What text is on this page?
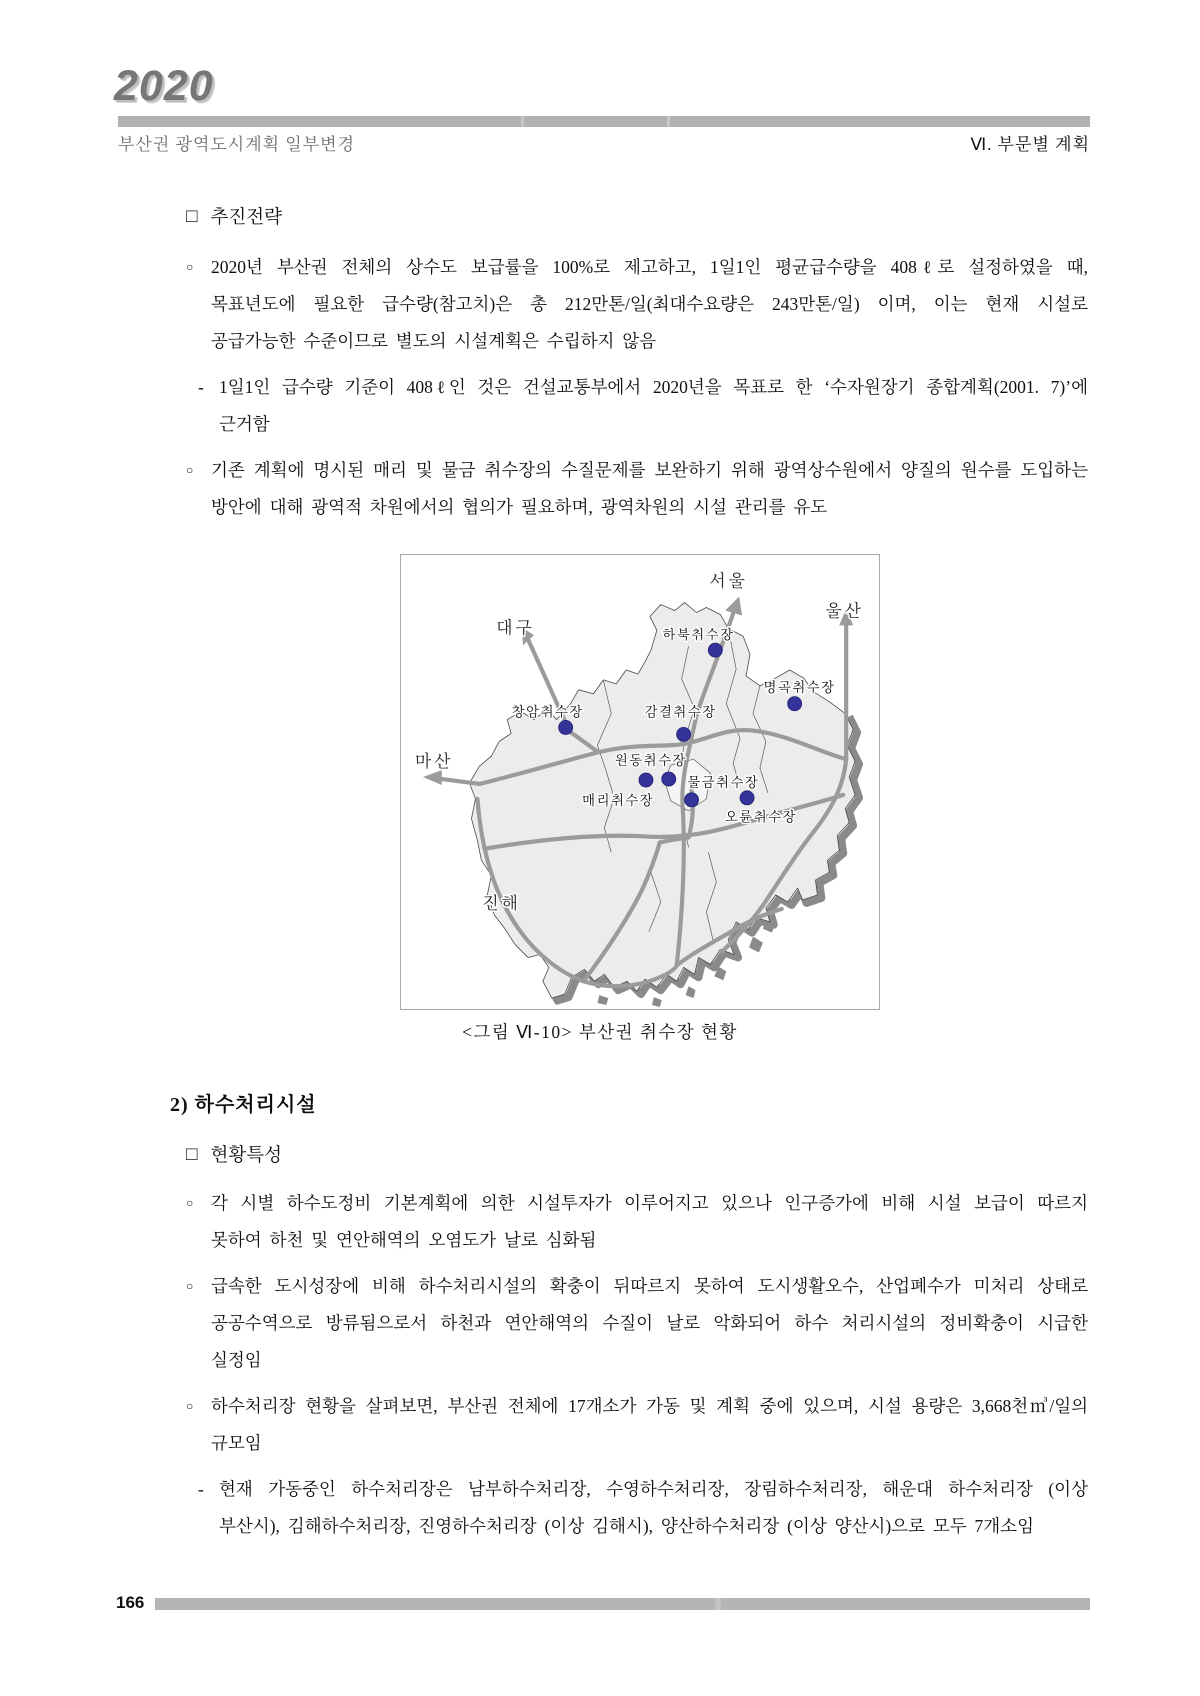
2020
부산권 광역도시계획 일부변경	Ⅵ. 부문별 계획
□ 추진전략
○	2020년 부산권 전체의 상수도 보급률을 100%로 제고하고, 1일1인 평균급수량을 408ℓ로 설정하였을 때, 목표년도에 필요한 급수량(참고치)은 총 212만톤/일(최대수요량은 243만톤/일) 이며, 이는 현재 시설로 공급가능한 수준이므로 별도의 시설계획은 수립하지 않음
- 1일1인 급수량 기준이 408ℓ인 것은 건설교통부에서 2020년을 목표로 한 ‘수자원장기 종합계획(2001. 7)’에 근거함
○	기존 계획에 명시된 매리 및 물금 취수장의 수질문제를 보완하기 위해 광역상수원에서 양질의 원수를 도입하는 방안에 대해 광역적 차원에서의 협의가 필요하며, 광역차원의 시설 관리를 유도
서울
대구
울산
마산
진해
하북취수장
명곡취수장
창암취수장	감결취수장
원동취수장
매리취수장
물금취수장
오륜취수장
<그림 Ⅵ-10> 부산권 취수장 현황
2) 하수처리시설
□ 현황특성
○	각 시별 하수도정비 기본계획에 의한 시설투자가 이루어지고 있으나 인구증가에 비해 시설 보급이 따르지 못하여 하천 및 연안해역의 오염도가 날로 심화됨
○	급속한 도시성장에 비해 하수처리시설의 확충이 뒤따르지 못하여 도시생활오수, 산업폐수가 미처리 상태로 공공수역으로 방류됨으로서 하천과 연안해역의 수질이 날로 악화되어 하수 처리시설의 정비확충이 시급한 실정임
○	하수처리장 현황을 살펴보면, 부산권 전체에 17개소가 가동 및 계획 중에 있으며, 시설 용량은 3,668천㎥/일의 규모임
- 현재 가동중인 하수처리장은 남부하수처리장, 수영하수처리장, 장림하수처리장, 해운대 하수처리장 (이상 부산시), 김해하수처리장, 진영하수처리장 (이상 김해시), 양산하수처리장 (이상 양산시)으로 모두 7개소임
166
